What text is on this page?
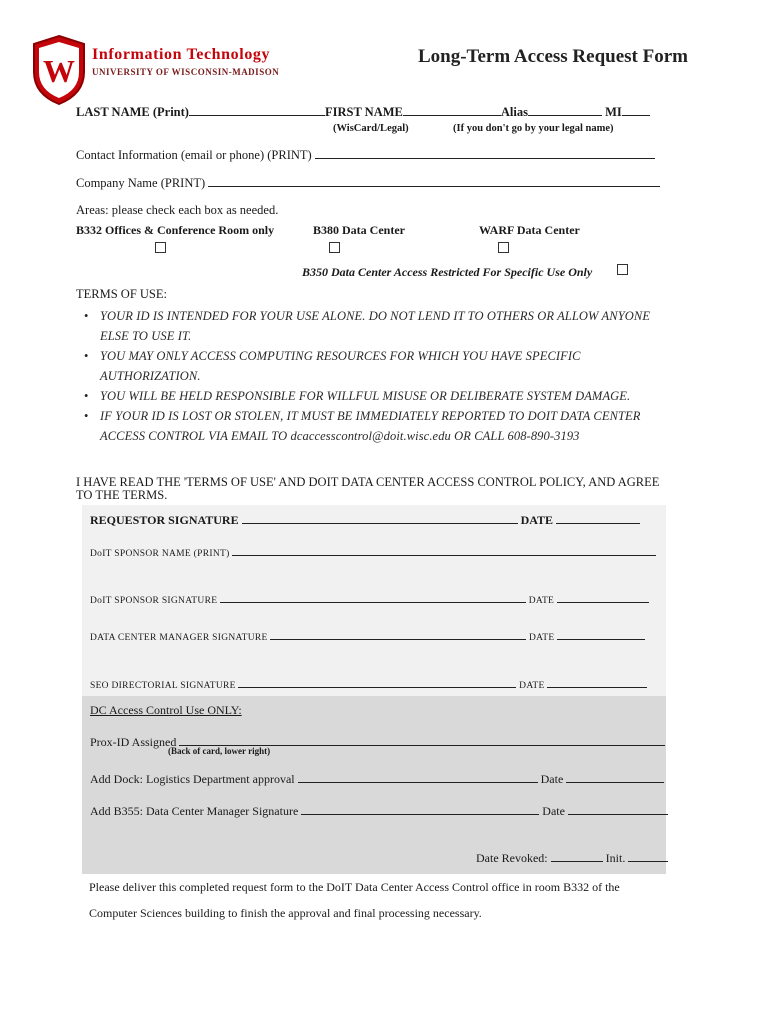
W Information Technology
UNIVERSITY OF WISCONSIN-MADISON
Long-Term Access Request Form
LAST NAME (Print)	FIRST NAME	Alias	MI
(WisCard/Legal)	(If you don't go by your legal name)
Contact Information (email or phone) (PRINT)
Company Name (PRINT)
Areas: please check each box as needed.
B332 Offices & Conference Room only	B380 Data Center	WARF Data Center
B350 Data Center Access Restricted For Specific Use Only
TERMS OF USE:
• YOUR ID IS INTENDED FOR YOUR USE ALONE. DO NOT LEND IT TO OTHERS OR ALLOW ANYONE ELSE TO USE IT.
• YOU MAY ONLY ACCESS COMPUTING RESOURCES FOR WHICH YOU HAVE SPECIFIC AUTHORIZATION.
• YOU WILL BE HELD RESPONSIBLE FOR WILLFUL MISUSE OR DELIBERATE SYSTEM DAMAGE.
• IF YOUR ID IS LOST OR STOLEN, IT MUST BE IMMEDIATELY REPORTED TO DOIT DATA CENTER ACCESS CONTROL VIA EMAIL TO dcaccesscontrol@doit.wisc.edu OR CALL 608-890-3193
I HAVE READ THE 'TERMS OF USE' AND DOIT DATA CENTER ACCESS CONTROL POLICY, AND AGREE TO THE TERMS.
REQUESTOR SIGNATURE	DATE
DoIT SPONSOR NAME (PRINT)
DoIT SPONSOR SIGNATURE	DATE
DATA CENTER MANAGER SIGNATURE	DATE
SEO DIRECTORIAL SIGNATURE	DATE
DC Access Control Use ONLY:
Prox-ID Assigned
(Back of card, lower right)
Add Dock: Logistics Department approval	Date
Add B355: Data Center Manager Signature	Date
Date Revoked:	Init.
Please deliver this completed request form to the DoIT Data Center Access Control office in room B332 of the Computer Sciences building to finish the approval and final processing necessary.
